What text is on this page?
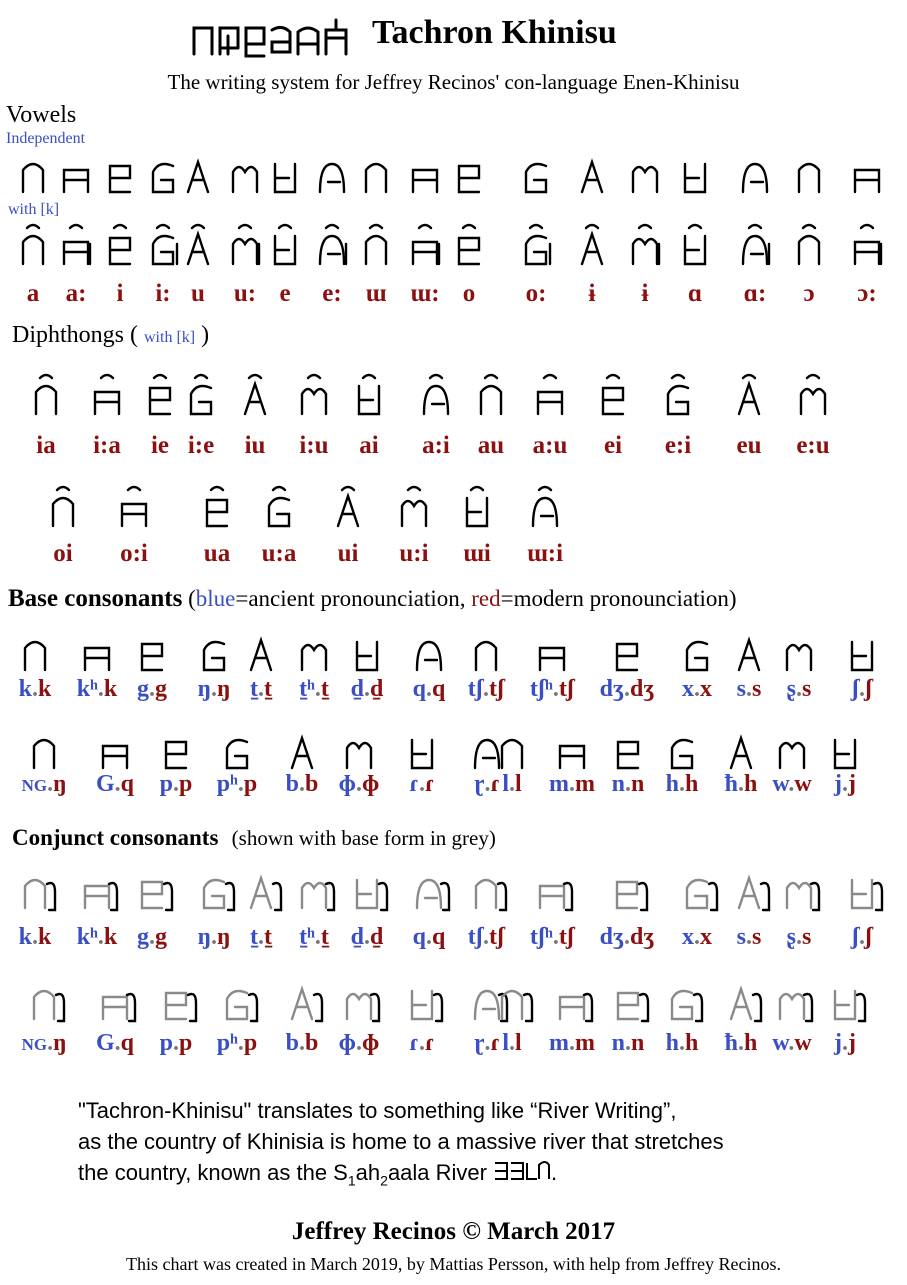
Tachron Khinisu
The writing system for Jeffrey Recinos' con-language Enen-Khinisu
Vowels
Independent
with [k]
a	a:	i	i: u	u: e	e: ɯ ɯ: o	o:	ɨ	ɨ	ɑ	ɑ:	ɔ	ɔ:
Diphthongs ( with [k] )
ia	i:a	ie i:e	iu	i:u	ai	a:i	au	a:u	ei	e:i	eu	e:u
oi	o:i	ua	u:a	ui	u:i	ɯi	ɯ:i
Base consonants (blue=ancient pronounciation, red=modern pronounciation)
k.k	kʰ.k g.g	ŋ.ŋ t̠.t̠	t̠ʰ.t̠ d̠.d̠	q.q tʃ.tʃ	tʃʰ.tʃ	dʒ.dʒ	x.x	s.s	ʂ.s	ʃ.ʃ
NG.ŋ	G.q	p.p	pʰ.p	b.b ɸ.ɸ	ɾ.ɾ	ɽ.ɾ l.l	m.m n.n h.h	ħ.h w.w j.j
Conjunct consonants (shown with base form in grey)
k.k	kʰ.k g.g	ŋ.ŋ t̠.t̠	t̠ʰ.t̠ d̠.d̠	q.q tʃ.tʃ	tʃʰ.tʃ	dʒ.dʒ	x.x	s.s	ʂ.s	ʃ.ʃ
NG.ŋ	G.q	p.p	pʰ.p	b.b ɸ.ɸ	ɾ.ɾ	ɽ.ɾ l.l	m.m n.n h.h	ħ.h w.w j.j
"Tachron-Khinisu" translates to something like “River Writing”,
as the country of Khinisia is home to a massive river that stretches
the country, known as the $S_1ah_2aala$ River	.
Jeffrey Recinos © March 2017
This chart was created in March 2019, by Mattias Persson, with help from Jeffrey Recinos.
